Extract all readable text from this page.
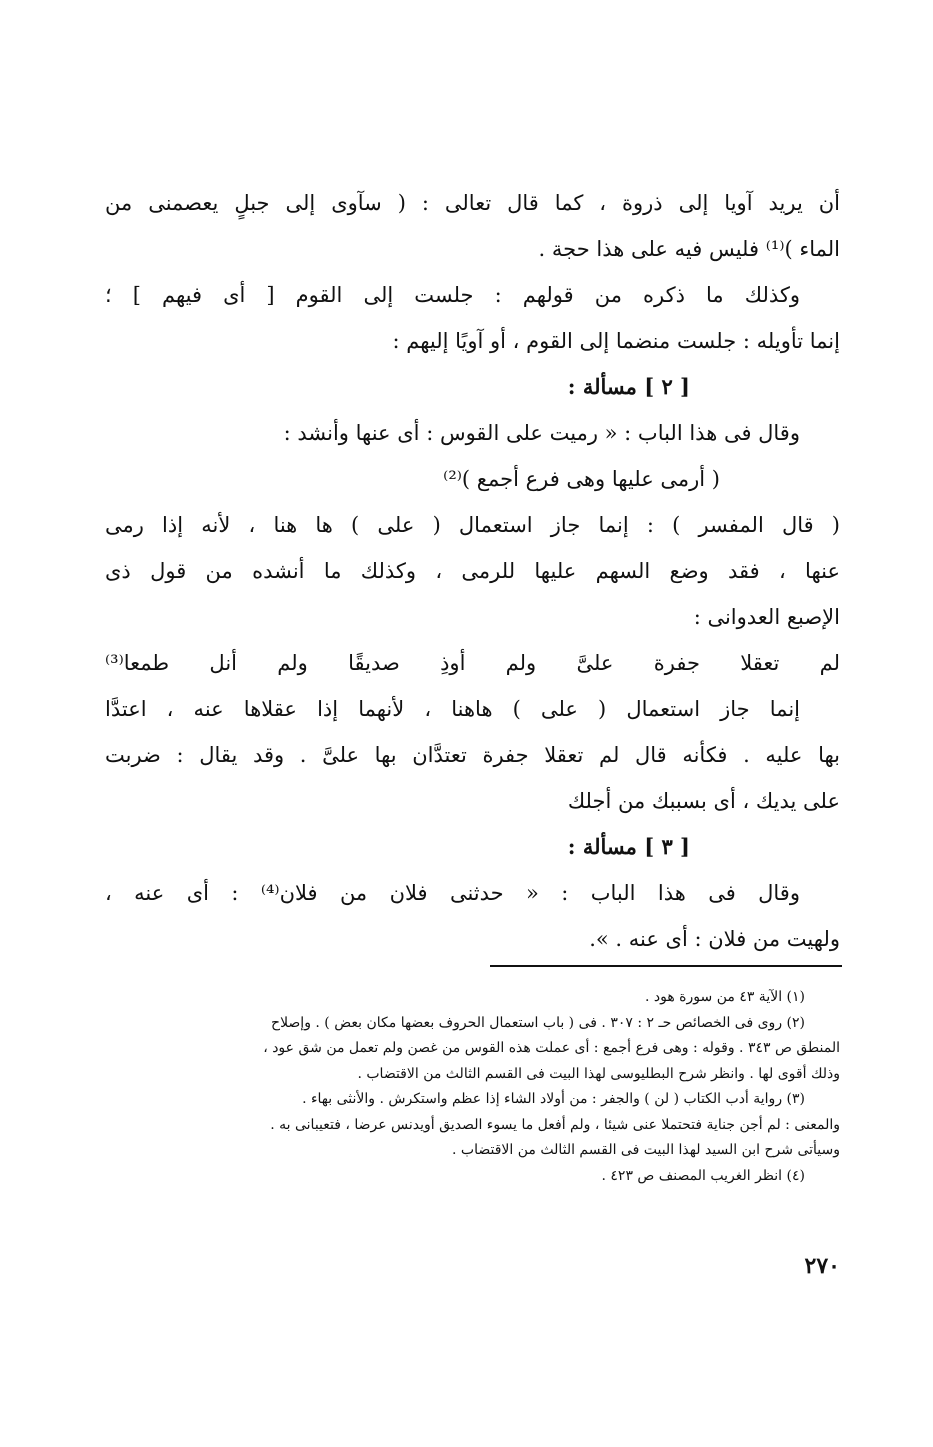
أن يريد آويا إلى ذروة ، كما قال تعالى : ( سآوى إلى جبلٍ يعصمنى من
الماء )⁽¹⁾ فليس فيه على هذا حجة .
وكذلك ما ذكره من قولهم : جلست إلى القوم [ أى فيهم ] ؛
إنما تأويله : جلست منضما إلى القوم ، أو آويًا إليهم :
[ ٢ ] مسألة :
وقال فى هذا الباب : « رميت على القوس : أى عنها وأنشد :
( أرمى عليها وهى فرع أجمع )⁽²⁾
( قال المفسر ) : إنما جاز استعمال ( على ) ها هنا ، لأنه إذا رمى
عنها ، فقد وضع السهم عليها للرمى ، وكذلك ما أنشده من قول ذى
الإصبع العدوانى :
لم تعقلا جفرة علىَّ ولم أوذِ صديقًا ولم أنل طمعا⁽³⁾
إنما جاز استعمال ( على ) هاهنا ، لأنهما إذا عقلاها عنه ، اعتدَّا
بها عليه . فكأنه قال لم تعقلا جفرة تعتدَّان بها علىَّ . وقد يقال : ضربت
على يديك ، أى بسببك من أجلك
[ ٣ ] مسألة :
وقال فى هذا الباب : « حدثنى فلان من فلان⁽⁴⁾ : أى عنه ،
ولهيت من فلان : أى عنه . ».
(١) الآية ٤٣ من سورة هود .
(٢) روى فى الخصائص حـ ٢ : ٣٠٧ . فى ( باب استعمال الحروف بعضها مكان بعض ) . وإصلاح
المنطق ص ٣٤٣ . وقوله : وهى فرع أجمع : أى عملت هذه القوس من غصن ولم تعمل من شق عود ،
وذلك أقوى لها . وانظر شرح البطليوسى لهذا البيت فى القسم الثالث من الاقتضاب .
(٣) رواية أدب الكتاب ( لن ) والجفر : من أولاد الشاء إذا عظم واستكرش . والأنثى بهاء .
والمعنى : لم أجن جناية فتحتملا عنى شيئا ، ولم أفعل ما يسوء الصديق أويدنس عرضا ، فتعيبانى به .
وسيأتى شرح ابن السيد لهذا البيت فى القسم الثالث من الاقتضاب .
(٤) انظر الغريب المصنف ص ٤٢٣ .
٢٧٠
